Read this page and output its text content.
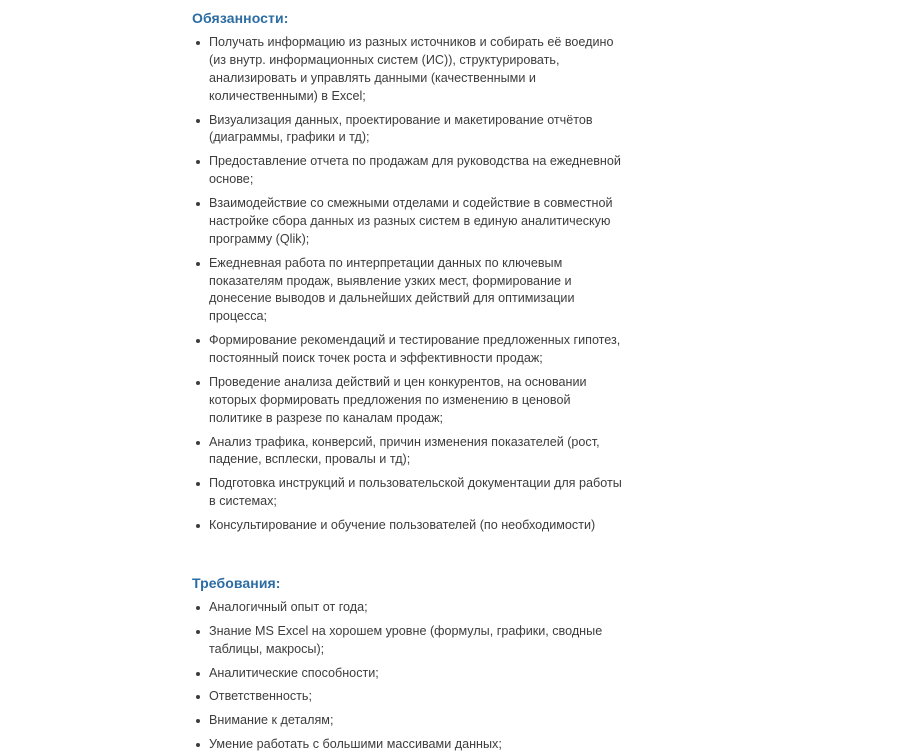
Обязанности:
Получать информацию из разных источников и собирать её воедино (из внутр. информационных систем (ИС)), структурировать, анализировать и управлять данными (качественными и количественными) в Excel;
Визуализация данных, проектирование и макетирование отчётов (диаграммы, графики и тд);
Предоставление отчета по продажам для руководства на ежедневной основе;
Взаимодействие со смежными отделами и содействие в совместной настройке сбора данных из разных систем в единую аналитическую программу (Qlik);
Ежедневная работа по интерпретации данных по ключевым показателям продаж, выявление узких мест, формирование и донесение выводов и дальнейших действий для оптимизации процесса;
Формирование рекомендаций и тестирование предложенных гипотез, постоянный поиск точек роста и эффективности продаж;
Проведение анализа действий и цен конкурентов, на основании которых формировать предложения по изменению в ценовой политике в разрезе по каналам продаж;
Анализ трафика, конверсий, причин изменения показателей (рост, падение, всплески, провалы и тд);
Подготовка инструкций и пользовательской документации для работы в системах;
Консультирование и обучение пользователей (по необходимости)
Требования:
Аналогичный опыт от года;
Знание MS Excel на хорошем уровне (формулы, графики, сводные таблицы, макросы);
Аналитические способности;
Ответственность;
Внимание к деталям;
Умение работать с большими массивами данных;
